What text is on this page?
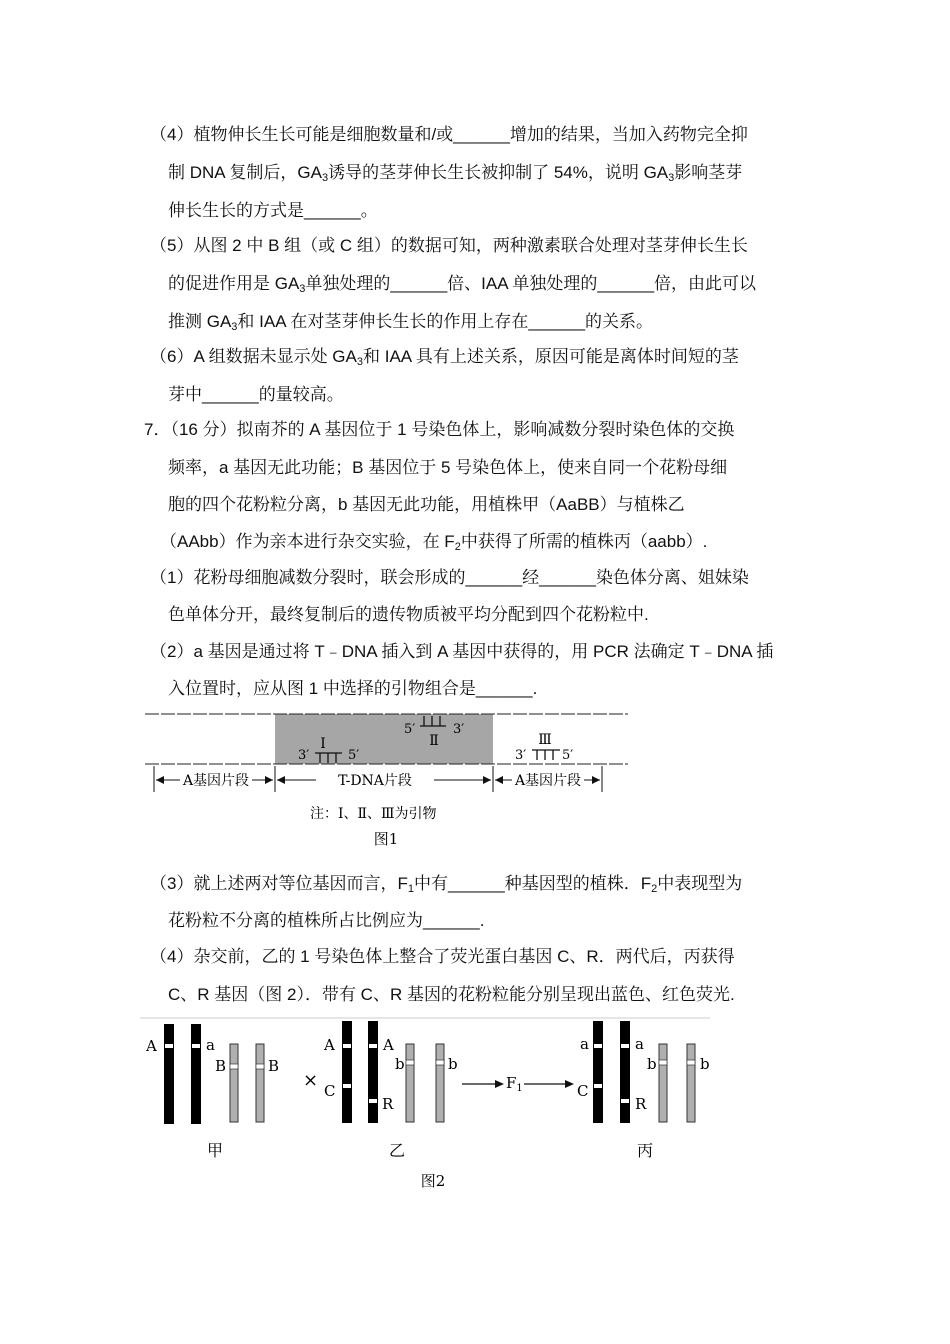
（4）植物伸长生长可能是细胞数量和/或______增加的结果，当加入药物完全抑
制 DNA 复制后，$GA_3$诱导的茎芽伸长生长被抑制了 54%，说明 $GA_3$影响茎芽
伸长生长的方式是______。
（5）从图 2 中 B 组（或 C 组）的数据可知，两种激素联合处理对茎芽伸长生长
的促进作用是 $GA_3$单独处理的______倍、IAA 单独处理的______倍，由此可以
推测 $GA_3$和 IAA 在对茎芽伸长生长的作用上存在______的关系。
（6）A 组数据未显示处 $GA_3$和 IAA 具有上述关系，原因可能是离体时间短的茎
芽中______的量较高。
7．（16 分）拟南芥的 A 基因位于 1 号染色体上，影响减数分裂时染色体的交换
频率，a 基因无此功能；B 基因位于 5 号染色体上，使来自同一个花粉母细
胞的四个花粉粒分离，b 基因无此功能，用植株甲（AaBB）与植株乙
（AAbb）作为亲本进行杂交实验，在 $F_2$中获得了所需的植株丙（aabb）.
（1）花粉母细胞减数分裂时，联会形成的______经______染色体分离、姐妹染
色单体分开，最终复制后的遗传物质被平均分配到四个花粉粒中.
（2）a 基因是通过将 T﹣DNA 插入到 A 基因中获得的，用 PCR 法确定 T﹣DNA 插
入位置时，应从图 1 中选择的引物组合是______.
Ⅰ
3′	5′
5′	3′
Ⅱ	Ⅲ
3′	5′
A基因片段	T-DNA片段	A基因片段
注：Ⅰ、Ⅱ、Ⅲ为引物
图1
（3）就上述两对等位基因而言，$F_1$中有______种基因型的植株．$F_2$中表现型为
花粉粒不分离的植株所占比例应为______.
（4）杂交前，乙的 1 号染色体上整合了荧光蛋白基因 C、R．两代后，丙获得
C、R 基因（图 2）．带有 C、R 基因的花粉粒能分别呈现出蓝色、红色荧光.
A	a
B	B
×
A
C
A
R
b	b
$F_1$
a
C
a
R
b	b
甲	乙	丙
图2
